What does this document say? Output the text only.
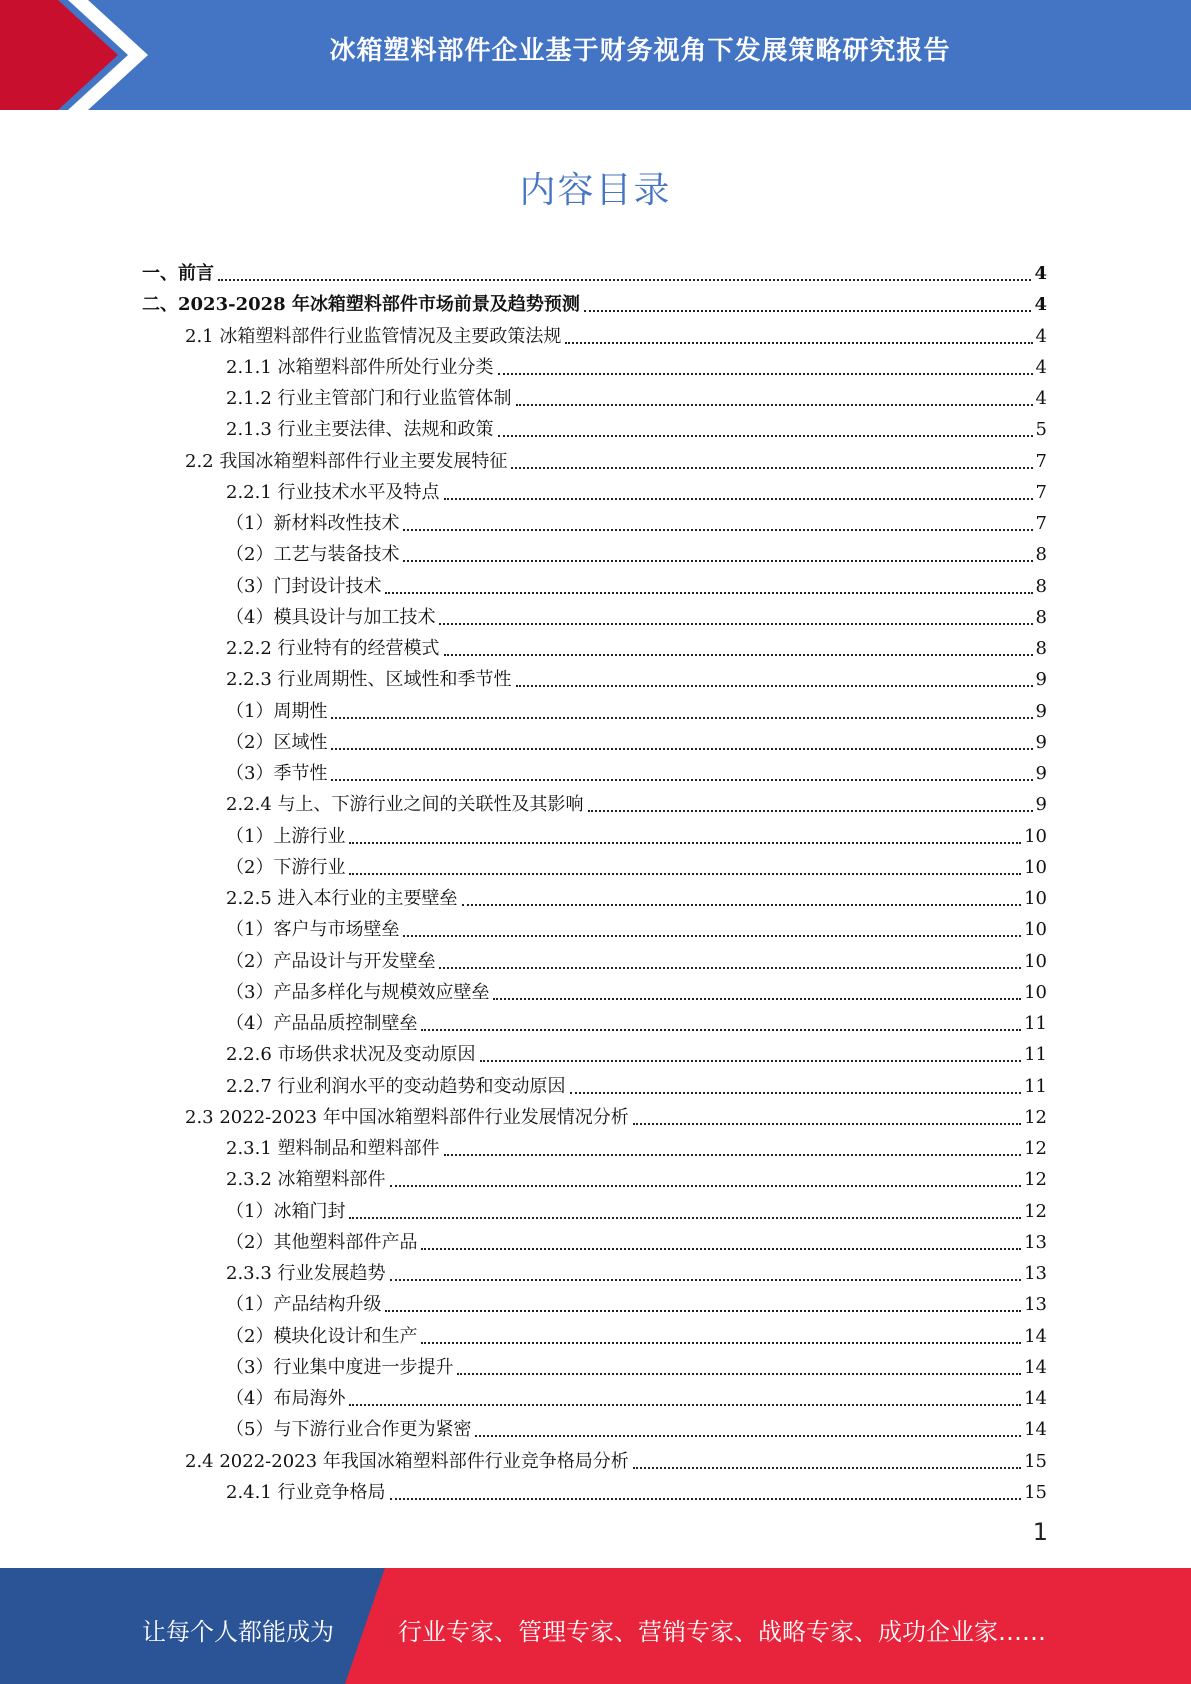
冰箱塑料部件企业基于财务视角下发展策略研究报告
内容目录
一、前言	4
二、2023-2028 年冰箱塑料部件市场前景及趋势预测	4
2.1 冰箱塑料部件行业监管情况及主要政策法规	4
2.1.1 冰箱塑料部件所处行业分类	4
2.1.2 行业主管部门和行业监管体制	4
2.1.3 行业主要法律、法规和政策	5
2.2 我国冰箱塑料部件行业主要发展特征	7
2.2.1 行业技术水平及特点	7
（1）新材料改性技术	7
（2）工艺与装备技术	8
（3）门封设计技术	8
（4）模具设计与加工技术	8
2.2.2 行业特有的经营模式	8
2.2.3 行业周期性、区域性和季节性	9
（1）周期性	9
（2）区域性	9
（3）季节性	9
2.2.4 与上、下游行业之间的关联性及其影响	9
（1）上游行业	10
（2）下游行业	10
2.2.5 进入本行业的主要壁垒	10
（1）客户与市场壁垒	10
（2）产品设计与开发壁垒	10
（3）产品多样化与规模效应壁垒	10
（4）产品品质控制壁垒	11
2.2.6 市场供求状况及变动原因	11
2.2.7 行业利润水平的变动趋势和变动原因	11
2.3 2022-2023 年中国冰箱塑料部件行业发展情况分析	12
2.3.1 塑料制品和塑料部件	12
2.3.2 冰箱塑料部件	12
（1）冰箱门封	12
（2）其他塑料部件产品	13
2.3.3 行业发展趋势	13
（1）产品结构升级	13
（2）模块化设计和生产	14
（3）行业集中度进一步提升	14
（4）布局海外	14
（5）与下游行业合作更为紧密	14
2.4 2022-2023 年我国冰箱塑料部件行业竞争格局分析	15
2.4.1 行业竞争格局	15
1
让每个人都能成为	行业专家、管理专家、营销专家、战略专家、成功企业家……
